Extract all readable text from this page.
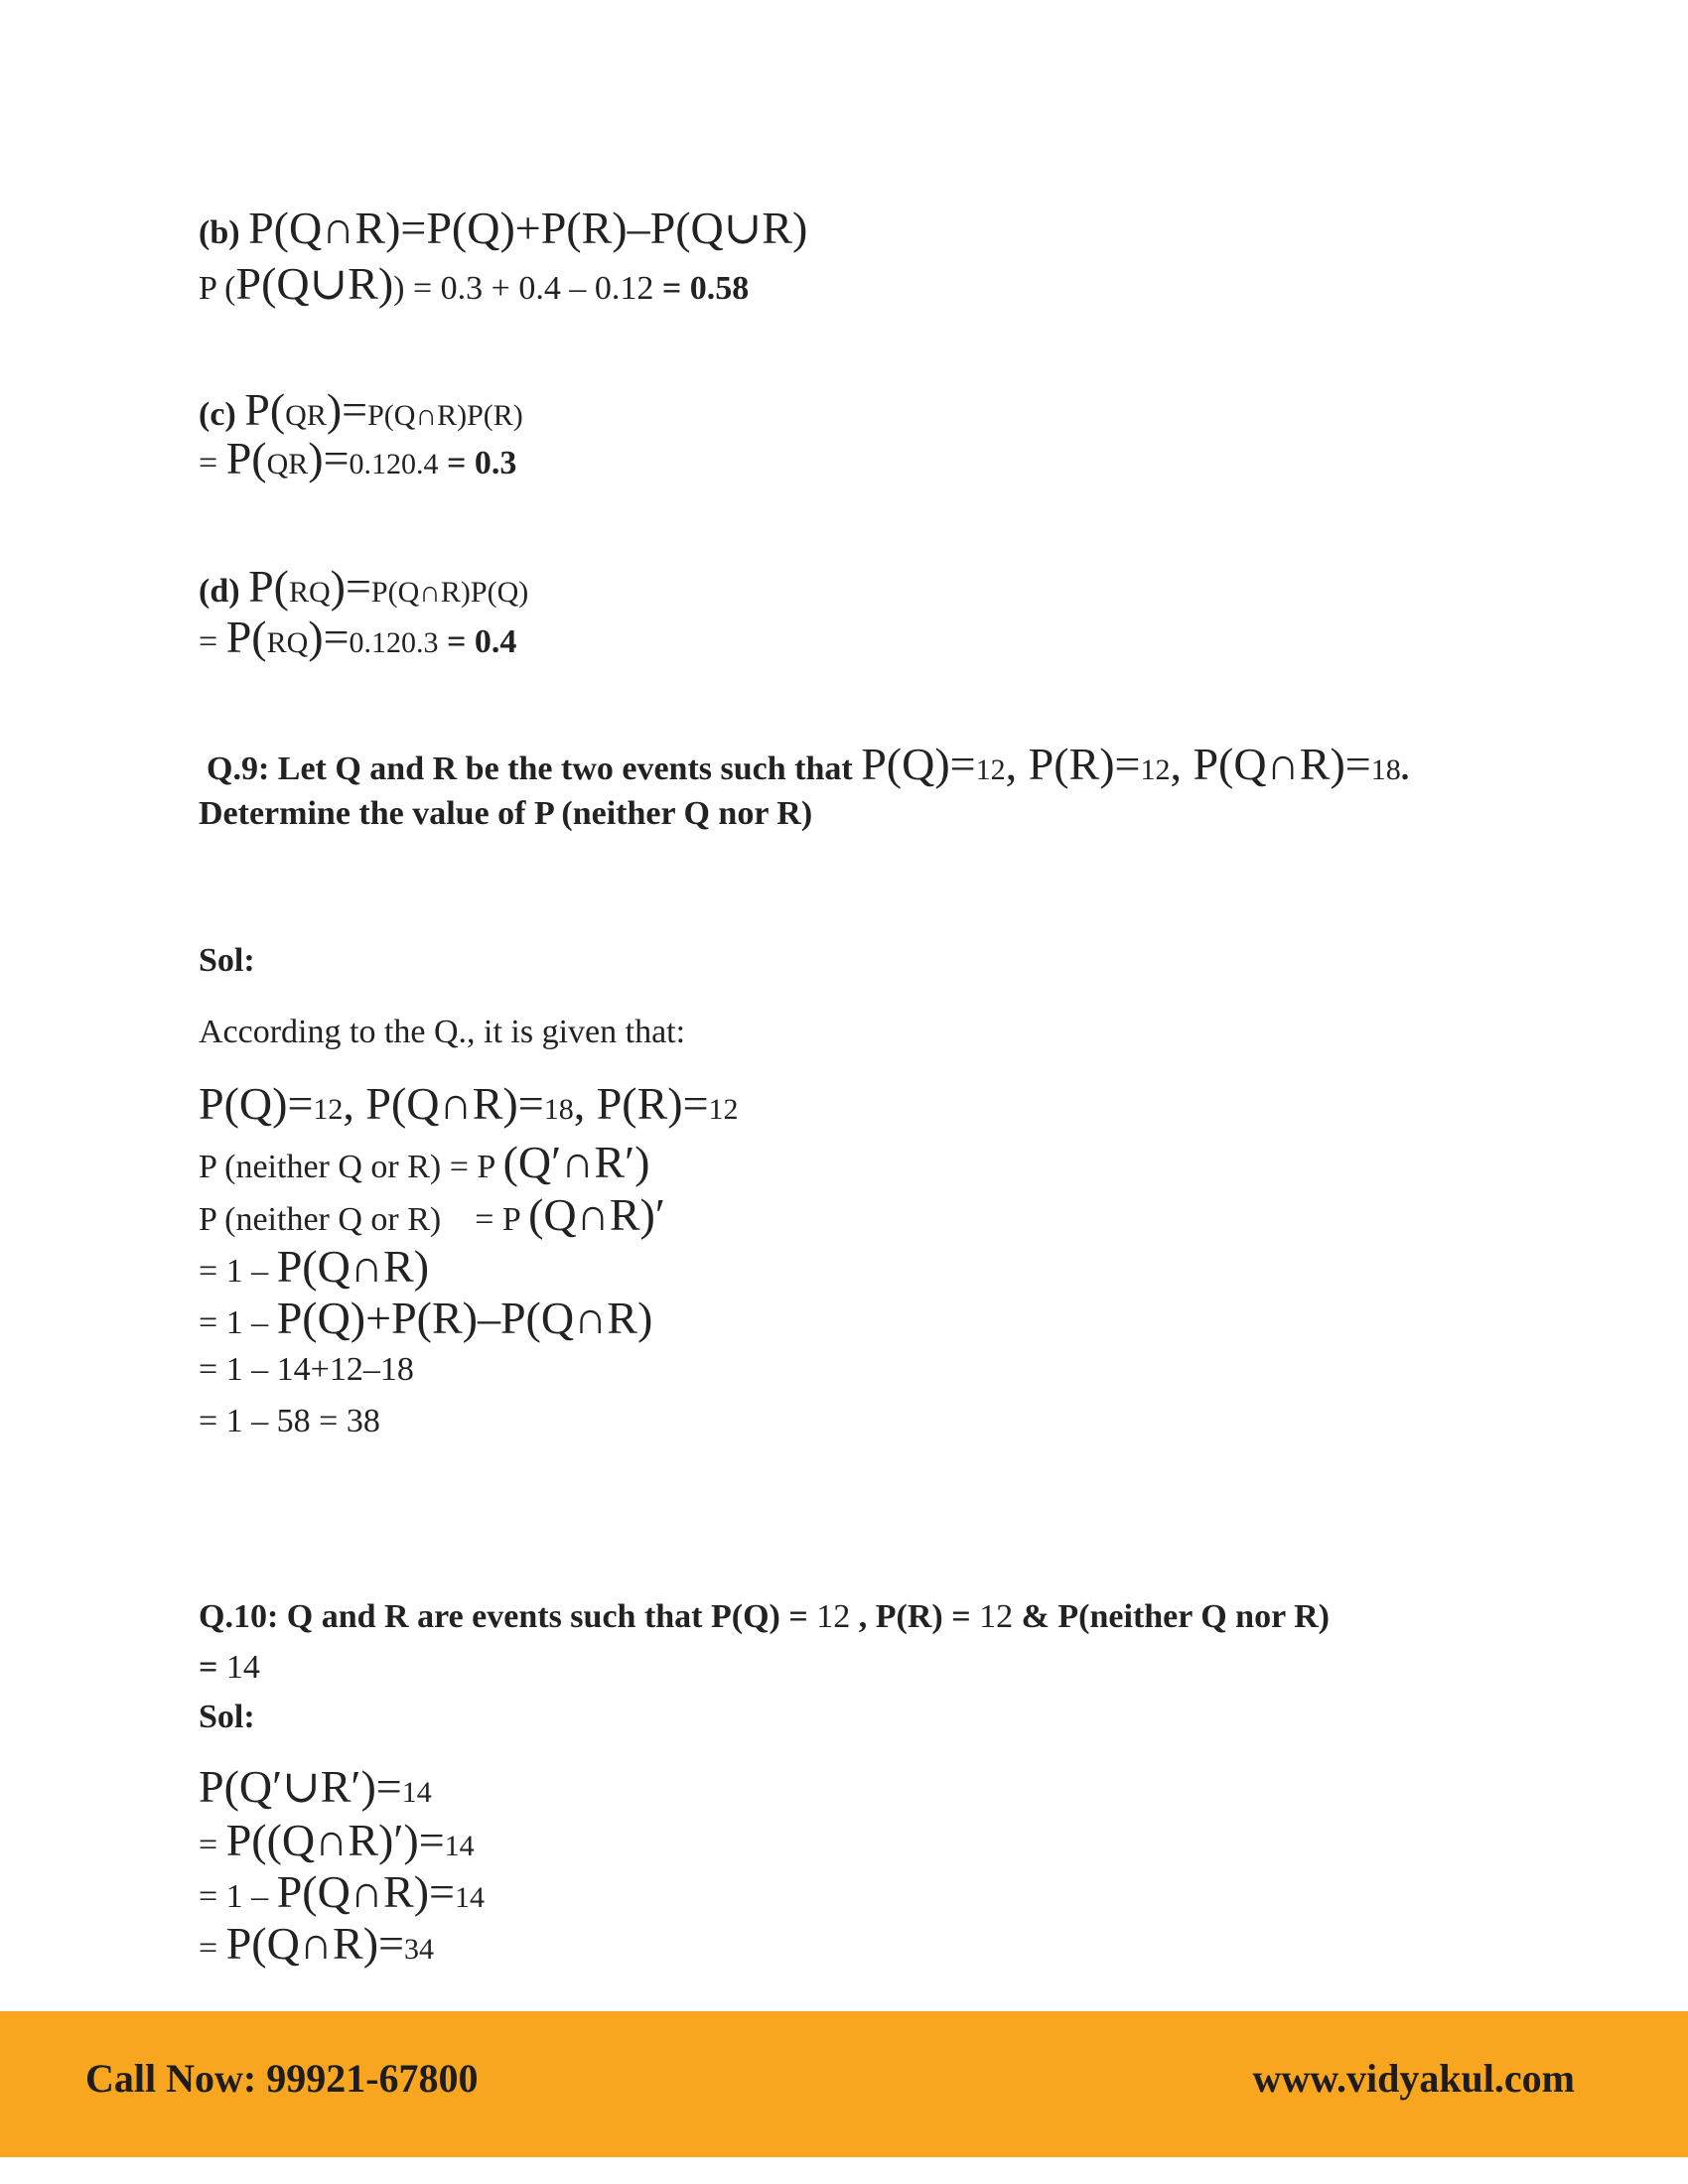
(b) P(Q∩R)=P(Q)+P(R)–P(Q∪R)
P (P(Q∪R)) = 0.3 + 0.4 – 0.12 = 0.58
(c) P(QR)=P(Q∩R)P(R)
= P(QR)=0.120.4 = 0.3
(d) P(RQ)=P(Q∩R)P(Q)
= P(RQ)=0.120.3 = 0.4
Q.9: Let Q and R be the two events such that P(Q)=12, P(R)=12, P(Q∩R)=18.
Determine the value of P (neither Q nor R)
Sol:
According to the Q., it is given that:
P(Q)=12, P(Q∩R)=18, P(R)=12
P (neither Q or R) = P (Q′∩R′)
P (neither Q or R)    = P (Q∩R)′
= 1 – P(Q∩R)
= 1 – P(Q)+P(R)–P(Q∩R)
= 1 – 14+12–18
= 1 – 58 = 38
Q.10: Q and R are events such that P(Q) = 12 , P(R) = 12 & P(neither Q nor R)
= 14
Sol:
P(Q′∪R′)=14
= P((Q∩R)′)=14
= 1 – P(Q∩R)=14
= P(Q∩R)=34
Call Now: 99921-67800	www.vidyakul.com
